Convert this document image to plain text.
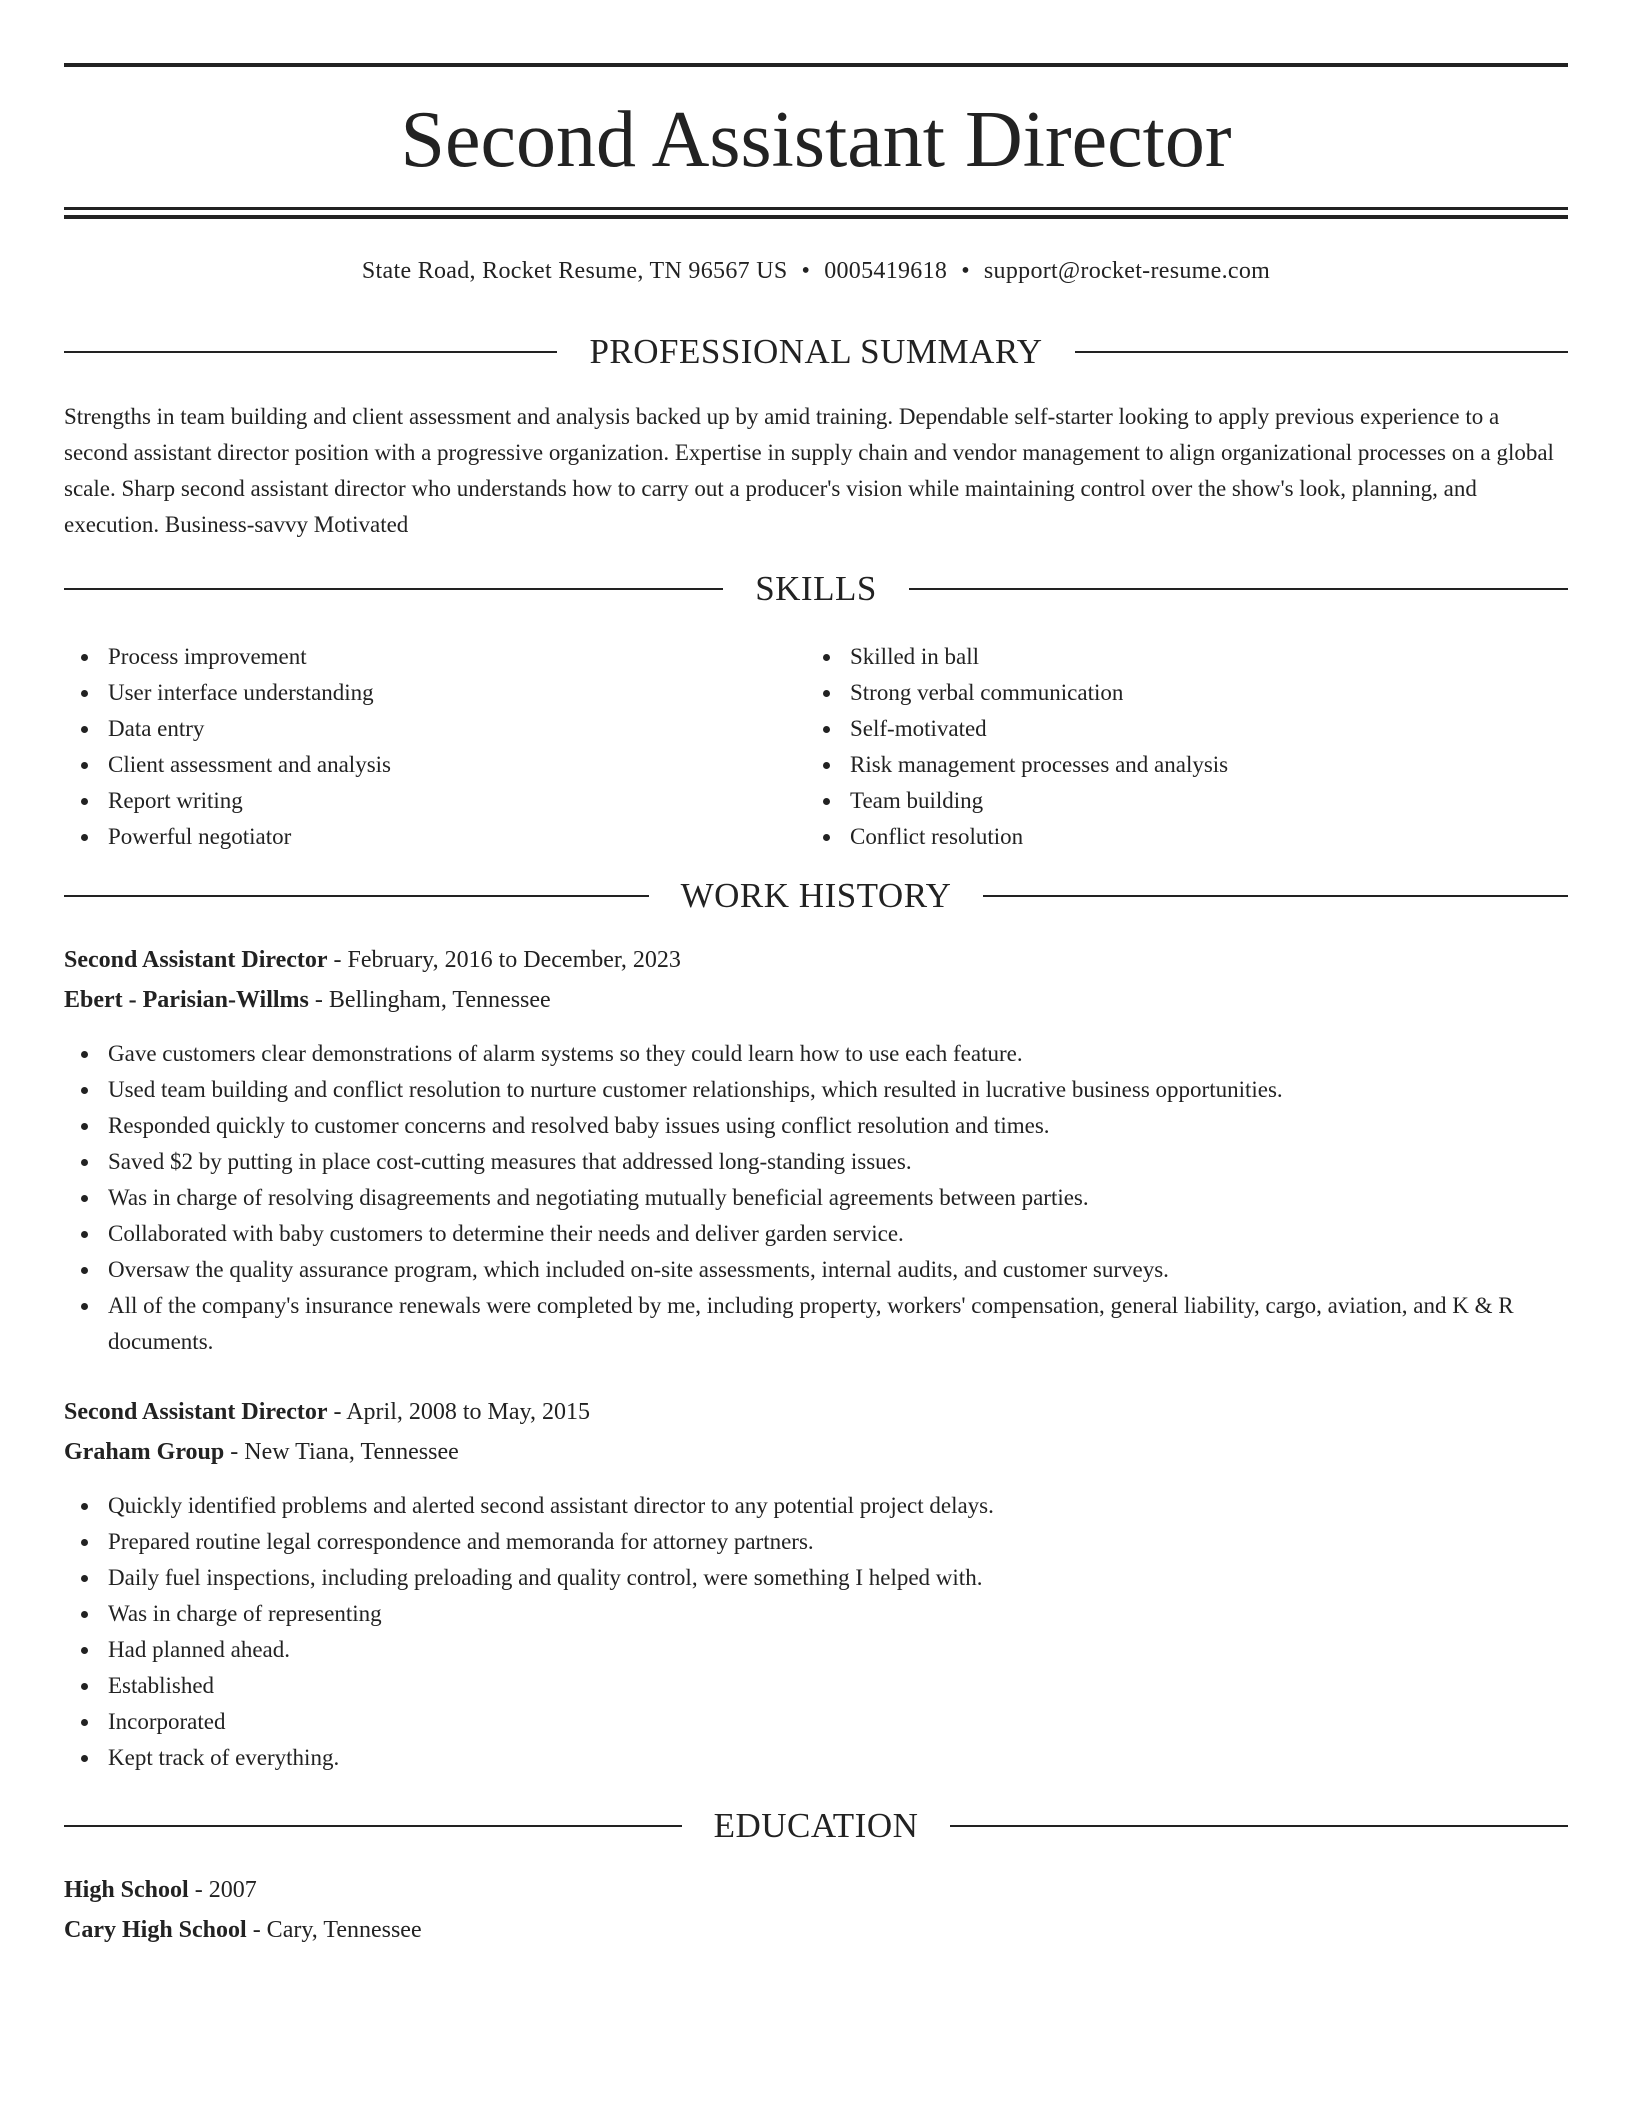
Second Assistant Director
State Road, Rocket Resume, TN 96567 US • 0005419618 • support@rocket-resume.com
PROFESSIONAL SUMMARY

Strengths in team building and client assessment and analysis backed up by amid training. Dependable self-starter looking to apply previous experience to a second assistant director position with a progressive organization. Expertise in supply chain and vendor management to align organizational processes on a global scale. Sharp second assistant director who understands how to carry out a producer's vision while maintaining control over the show's look, planning, and execution. Business-savvy Motivated

SKILLS
Process improvement
User interface understanding
Data entry
Client assessment and analysis
Report writing
Powerful negotiator
Skilled in ball
Strong verbal communication
Self-motivated
Risk management processes and analysis
Team building
Conflict resolution
WORK HISTORY
Second Assistant Director - February, 2016 to December, 2023
Ebert - Parisian-Willms - Bellingham, Tennessee
Gave customers clear demonstrations of alarm systems so they could learn how to use each feature.
Used team building and conflict resolution to nurture customer relationships, which resulted in lucrative business opportunities.
Responded quickly to customer concerns and resolved baby issues using conflict resolution and times.
Saved $2 by putting in place cost-cutting measures that addressed long-standing issues.
Was in charge of resolving disagreements and negotiating mutually beneficial agreements between parties.
Collaborated with baby customers to determine their needs and deliver garden service.
Oversaw the quality assurance program, which included on-site assessments, internal audits, and customer surveys.
All of the company's insurance renewals were completed by me, including property, workers' compensation, general liability, cargo, aviation, and K & R documents.
Second Assistant Director - April, 2008 to May, 2015
Graham Group - New Tiana, Tennessee
Quickly identified problems and alerted second assistant director to any potential project delays.
Prepared routine legal correspondence and memoranda for attorney partners.
Daily fuel inspections, including preloading and quality control, were something I helped with.
Was in charge of representing
Had planned ahead.
Established
Incorporated
Kept track of everything.
EDUCATION
High School - 2007
Cary High School - Cary, Tennessee
